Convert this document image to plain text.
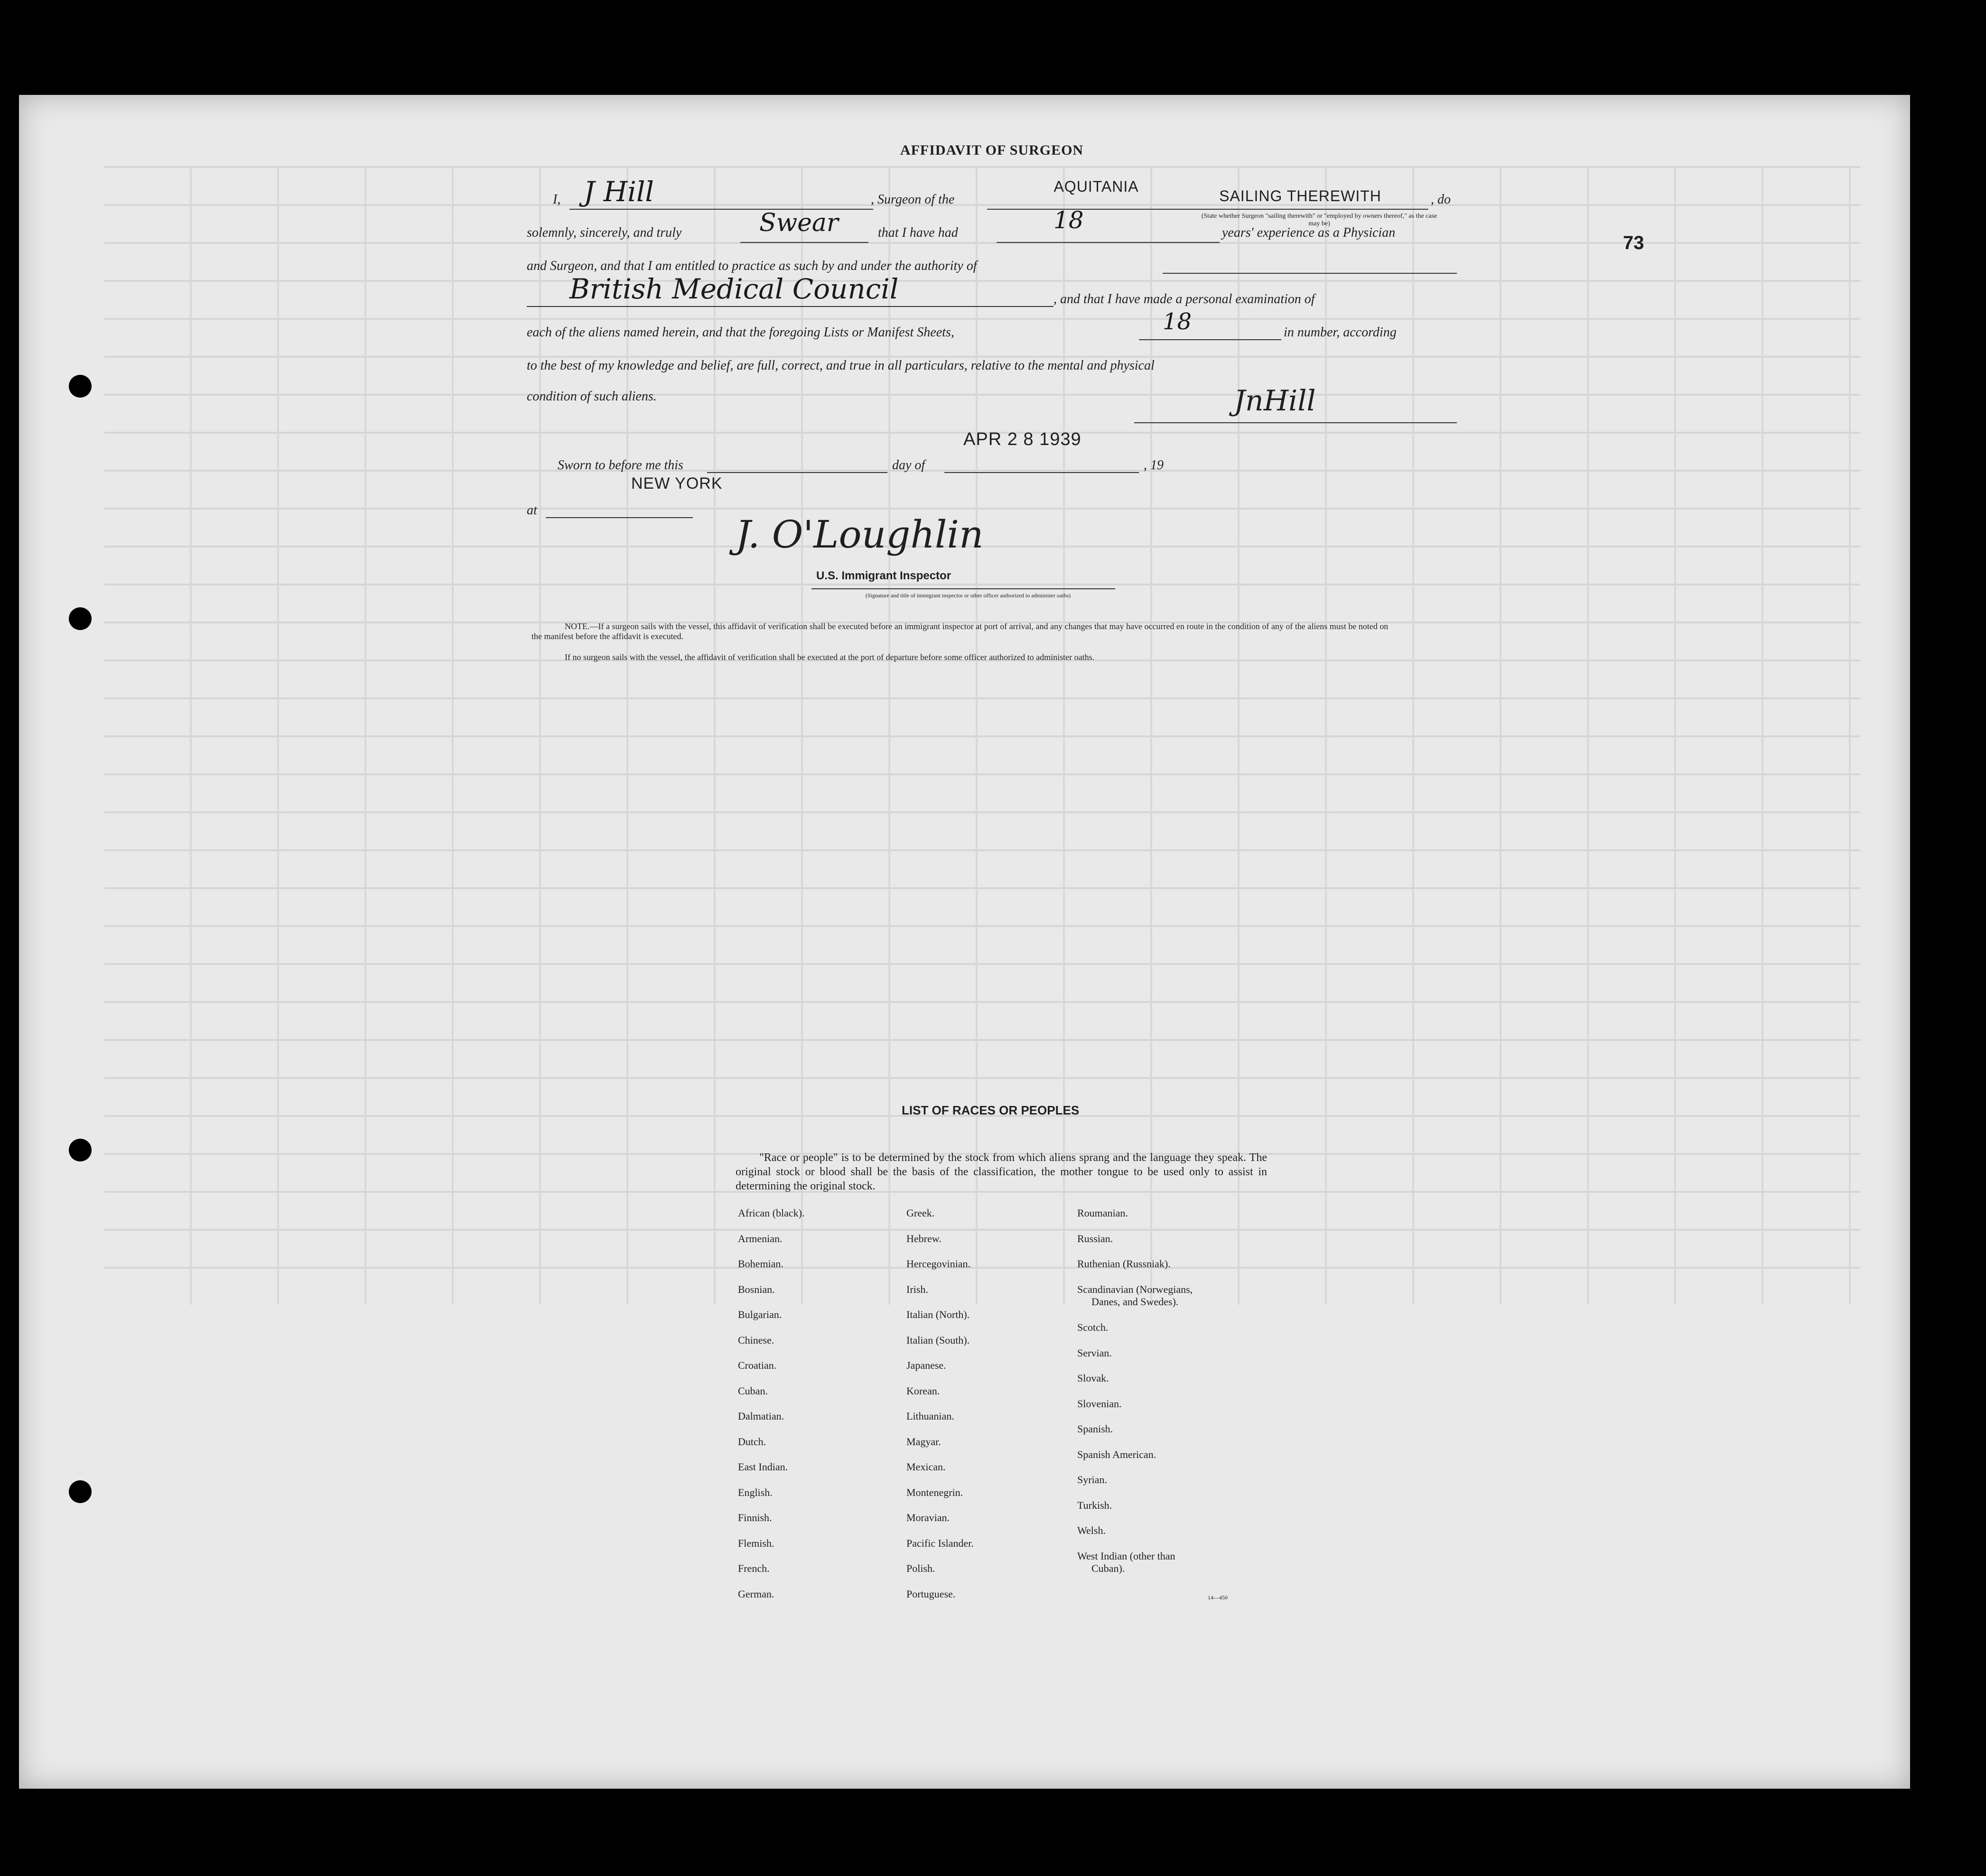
73
AFFIDAVIT OF SURGEON
I, J Hill	, Surgeon of the
AQUITANIA
SAILING THEREWITH	, do
(State whether Surgeon "sailing therewith" or "employed by owners thereof," as the case may be)
solemnly, sincerely, and truly	Swear	that I have had	18	years' experience as a Physician
and Surgeon, and that I am entitled to practice as such by and under the authority of
British Medical Council	, and that I have made a personal examination of
each of the aliens named herein, and that the foregoing Lists or Manifest Sheets,	18	in number, according
to the best of my knowledge and belief, are full, correct, and true in all particulars, relative to the mental and physical
condition of such aliens.	JnHill
APR 2 8 1939
Sworn to before me this	day of	, 19
NEW YORK
at
J. O'Loughlin
U.S. Immigrant Inspector
(Signature and title of immigrant inspector or other officer authorized to administer oaths)
NOTE.—If a surgeon sails with the vessel, this affidavit of verification shall be executed before an immigrant inspector at port of arrival, and any changes that may have occurred en route in the condition of any of the aliens must be noted on the manifest before the affidavit is executed.
If no surgeon sails with the vessel, the affidavit of verification shall be executed at the port of departure before some officer authorized to administer oaths.
LIST OF RACES OR PEOPLES
"Race or people" is to be determined by the stock from which aliens sprang and the language they speak. The original stock or blood shall be the basis of the classification, the mother tongue to be used only to assist in determining the original stock.
African (black).
Armenian.
Bohemian.
Bosnian.
Bulgarian.
Chinese.
Croatian.
Cuban.
Dalmatian.
Dutch.
East Indian.
English.
Finnish.
Flemish.
French.
German.
Greek.
Hebrew.
Hercegovinian.
Irish.
Italian (North).
Italian (South).
Japanese.
Korean.
Lithuanian.
Magyar.
Mexican.
Montenegrin.
Moravian.
Pacific Islander.
Polish.
Portuguese.
Roumanian.
Russian.
Ruthenian (Russniak).
Scandinavian (Norwegians,
Danes, and Swedes).
Scotch.
Servian.
Slovak.
Slovenian.
Spanish.
Spanish American.
Syrian.
Turkish.
Welsh.
West Indian (other than
Cuban).
14—450
